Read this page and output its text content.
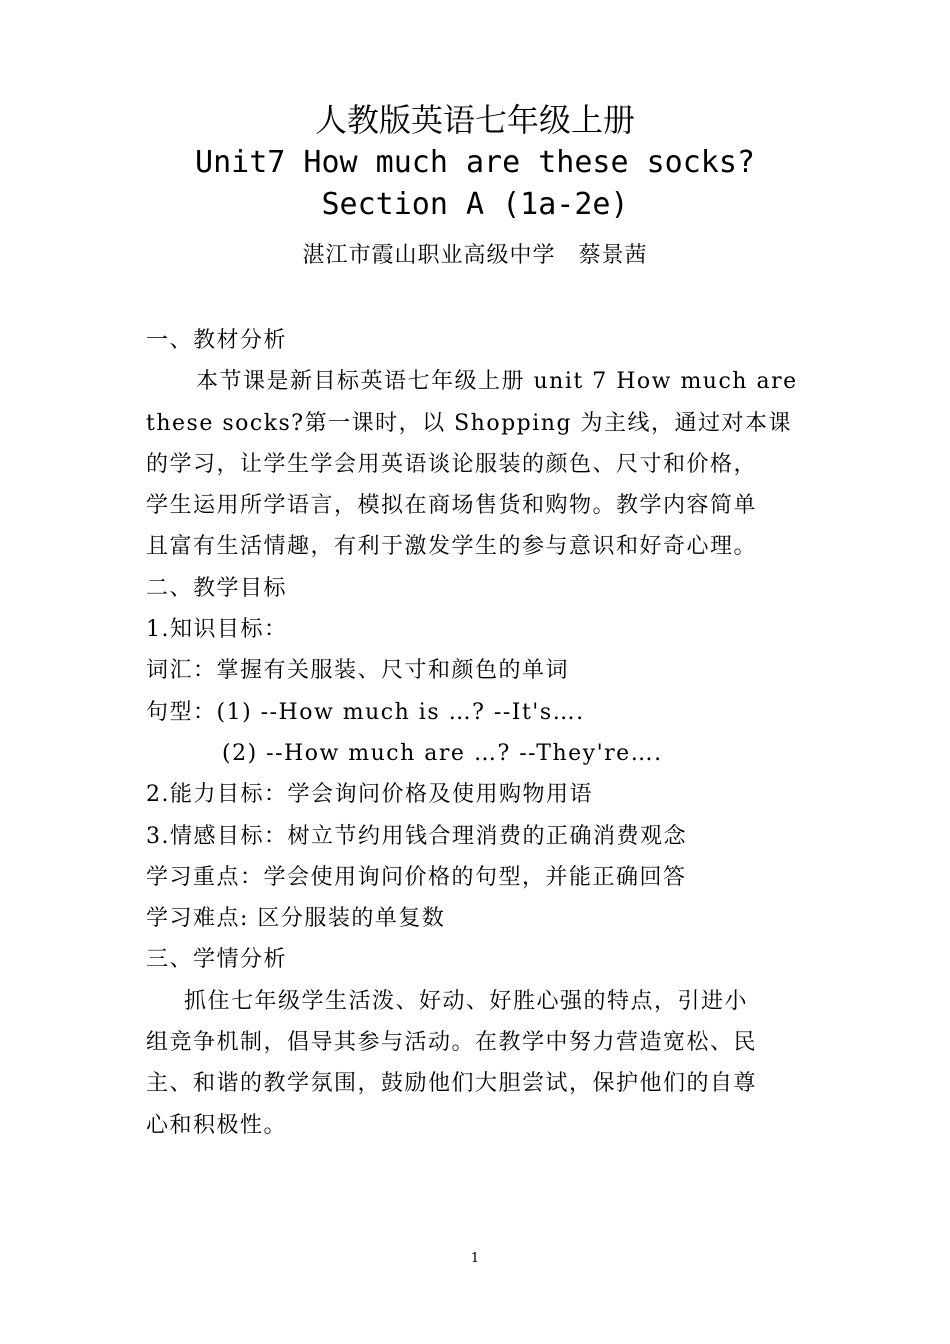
人教版英语七年级上册
Unit7 How much are these socks?
Section A (1a-2e)
湛江市霞山职业高级中学　蔡景茜
一、教材分析
本节课是新目标英语七年级上册 unit 7 How much are
these socks?第一课时，以 Shopping 为主线，通过对本课
的学习，让学生学会用英语谈论服装的颜色、尺寸和价格，
学生运用所学语言，模拟在商场售货和购物。教学内容简单
且富有生活情趣，有利于激发学生的参与意识和好奇心理。
二、教学目标
1.知识目标：
词汇：掌握有关服装、尺寸和颜色的单词
句型：(1) --How much is …? --It's….
(2) --How much are …? --They're….
2.能力目标：学会询问价格及使用购物用语
3.情感目标：树立节约用钱合理消费的正确消费观念
学习重点：学会使用询问价格的句型，并能正确回答
学习难点: 区分服装的单复数
三、学情分析
抓住七年级学生活泼、好动、好胜心强的特点，引进小
组竞争机制，倡导其参与活动。在教学中努力营造宽松、民
主、和谐的教学氛围，鼓励他们大胆尝试，保护他们的自尊
心和积极性。
1
